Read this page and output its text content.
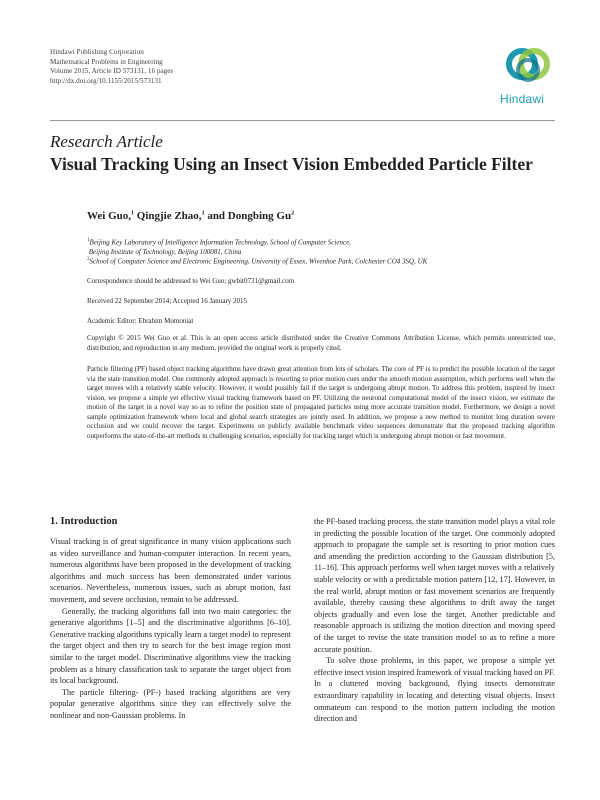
Hindawi Publishing Corporation
Mathematical Problems in Engineering
Volume 2015, Article ID 573131, 16 pages
http://dx.doi.org/10.1155/2015/573131
Hindawi
Research Article
Visual Tracking Using an Insect Vision Embedded Particle Filter
Wei Guo,$^1$ Qingjie Zhao,$^1$ and Dongbing Gu$^2$
$^1$Beijing Key Laboratory of Intelligence Information Technology, School of Computer Science,
Beijing Institute of Technology, Beijing 100081, China
$^2$School of Computer Science and Electronic Engineering, University of Essex, Wivenhoe Park, Colchester CO4 3SQ, UK
Correspondence should be addressed to Wei Guo; gwbit0731@gmail.com
Received 22 September 2014; Accepted 16 January 2015
Academic Editor: Ebrahim Momoniat
Copyright © 2015 Wei Guo et al. This is an open access article distributed under the Creative Commons Attribution License, which permits unrestricted use, distribution, and reproduction in any medium, provided the original work is properly cited.
Particle filtering (PF) based object tracking algorithms have drawn great attention from lots of scholars. The core of PF is to predict the possible location of the target via the state transition model. One commonly adopted approach is resorting to prior motion cues under the smooth motion assumption, which performs well when the target moves with a relatively stable velocity. However, it would possibly fail if the target is undergoing abrupt motion. To address this problem, inspired by insect vision, we propose a simple yet effective visual tracking framework based on PF. Utilizing the neuronal computational model of the insect vision, we estimate the motion of the target in a novel way so as to refine the position state of propagated particles using more accurate transition model. Furthermore, we design a novel sample optimization framework where local and global search strategies are jointly used. In addition, we propose a new method to monitor long duration severe occlusion and we could recover the target. Experiments on publicly available benchmark video sequences demonstrate that the proposed tracking algorithm outperforms the state-of-the-art methods in challenging scenarios, especially for tracking target which is undergoing abrupt motion or fast movement.
1. Introduction

Visual tracking is of great significance in many vision applications such as video surveillance and human-computer interaction. In recent years, numerous algorithms have been proposed in the development of tracking algorithms and much success has been demonstrated under various scenarios. Nevertheless, numerous issues, such as abrupt motion, fast movement, and severe occlusion, remain to be addressed.

Generally, the tracking algorithms fall into two main categories: the generative algorithms [1–5] and the discriminative algorithms [6–10]. Generative tracking algorithms typically learn a target model to represent the target object and then try to search for the best image region most similar to the target model. Discriminative algorithms view the tracking problem as a binary classification task to separate the target object from its local background.

The particle filtering- (PF-) based tracking algorithms are very popular generative algorithms since they can effectively solve the nonlinear and non-Gaussian problems. In

the PF-based tracking process, the state transition model plays a vital role in predicting the possible location of the target. One commonly adopted approach to propagate the sample set is resorting to prior motion cues and amending the prediction according to the Gaussian distribution [5, 11–16]. This approach performs well when target moves with a relatively stable velocity or with a predictable motion pattern [12, 17]. However, in the real world, abrupt motion or fast movement scenarios are frequently available, thereby causing these algorithms to drift away the target objects gradually and even lose the target. Another predictable and reasonable approach is utilizing the motion direction and moving speed of the target to revise the state transition model so as to refine a more accurate position.

To solve those problems, in this paper, we propose a simple yet effective insect vision inspired framework of visual tracking based on PF. In a cluttered moving background, flying insects demonstrate extraordinary capability in locating and detecting visual objects. Insect ommateum can respond to the motion pattern including the motion direction and
